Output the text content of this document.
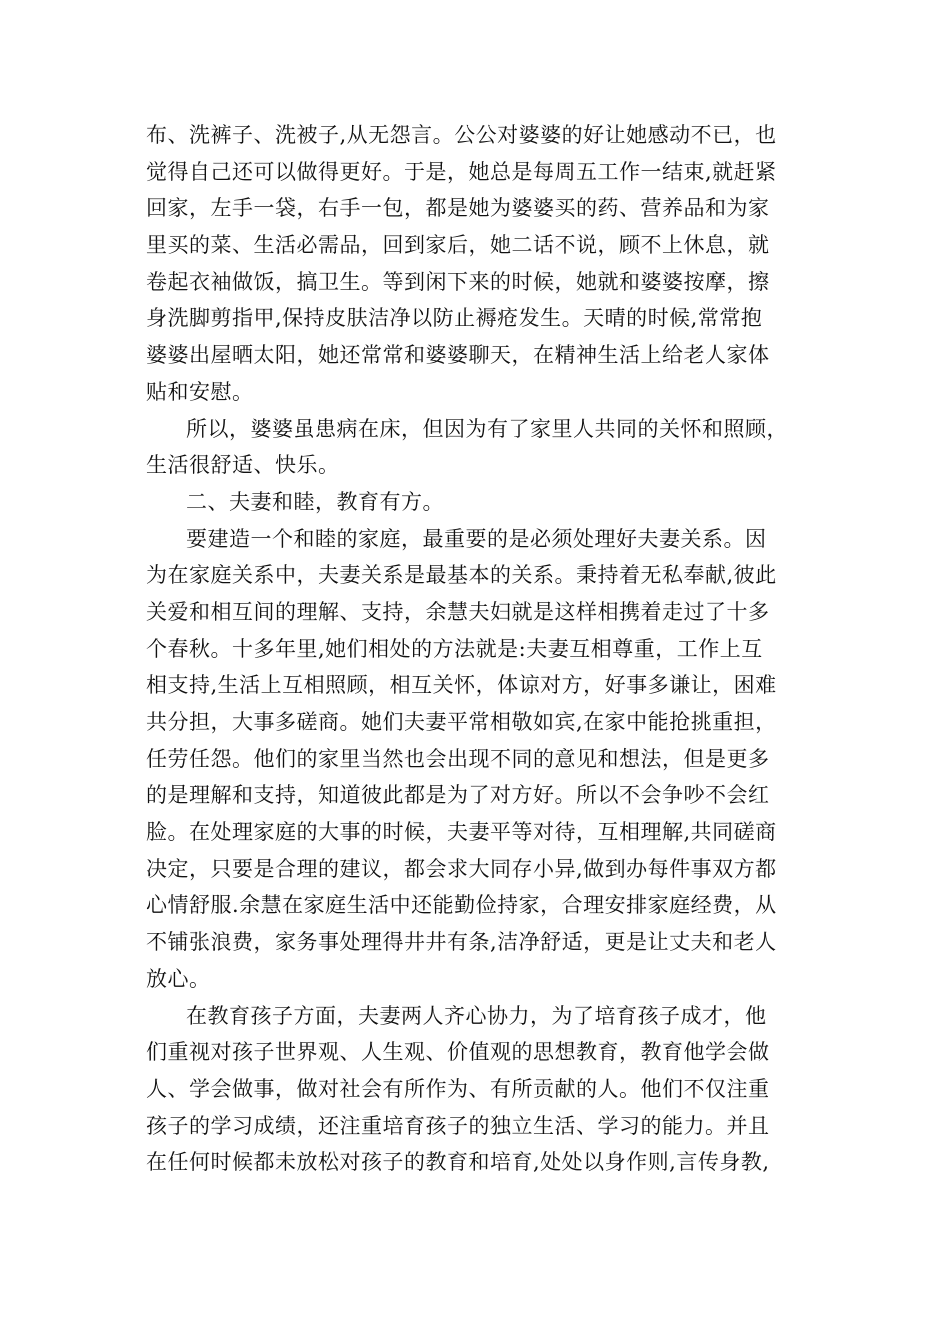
布、洗裤子、洗被子,从无怨言。公公对婆婆的好让她感动不已，也
觉得自己还可以做得更好。于是，她总是每周五工作一结束,就赶紧
回家，左手一袋，右手一包，都是她为婆婆买的药、营养品和为家
里买的菜、生活必需品，回到家后，她二话不说，顾不上休息，就
卷起衣袖做饭，搞卫生。等到闲下来的时候，她就和婆婆按摩，擦
身洗脚剪指甲,保持皮肤洁净以防止褥疮发生。天晴的时候,常常抱
婆婆出屋晒太阳，她还常常和婆婆聊天，在精神生活上给老人家体
贴和安慰。
所以，婆婆虽患病在床，但因为有了家里人共同的关怀和照顾，
生活很舒适、快乐。
二、夫妻和睦，教育有方。
要建造一个和睦的家庭，最重要的是必须处理好夫妻关系。因
为在家庭关系中，夫妻关系是最基本的关系。秉持着无私奉献,彼此
关爱和相互间的理解、支持，余慧夫妇就是这样相携着走过了十多
个春秋。十多年里,她们相处的方法就是:夫妻互相尊重，工作上互
相支持,生活上互相照顾，相互关怀，体谅对方，好事多谦让，困难
共分担，大事多磋商。她们夫妻平常相敬如宾,在家中能抢挑重担，
任劳任怨。他们的家里当然也会出现不同的意见和想法，但是更多
的是理解和支持，知道彼此都是为了对方好。所以不会争吵不会红
脸。在处理家庭的大事的时候，夫妻平等对待，互相理解,共同磋商
决定，只要是合理的建议，都会求大同存小异,做到办每件事双方都
心情舒服.余慧在家庭生活中还能勤俭持家，合理安排家庭经费，从
不铺张浪费，家务事处理得井井有条,洁净舒适，更是让丈夫和老人
放心。
在教育孩子方面，夫妻两人齐心协力，为了培育孩子成才，他
们重视对孩子世界观、人生观、价值观的思想教育，教育他学会做
人、学会做事，做对社会有所作为、有所贡献的人。他们不仅注重
孩子的学习成绩，还注重培育孩子的独立生活、学习的能力。并且
在任何时候都未放松对孩子的教育和培育,处处以身作则,言传身教,
